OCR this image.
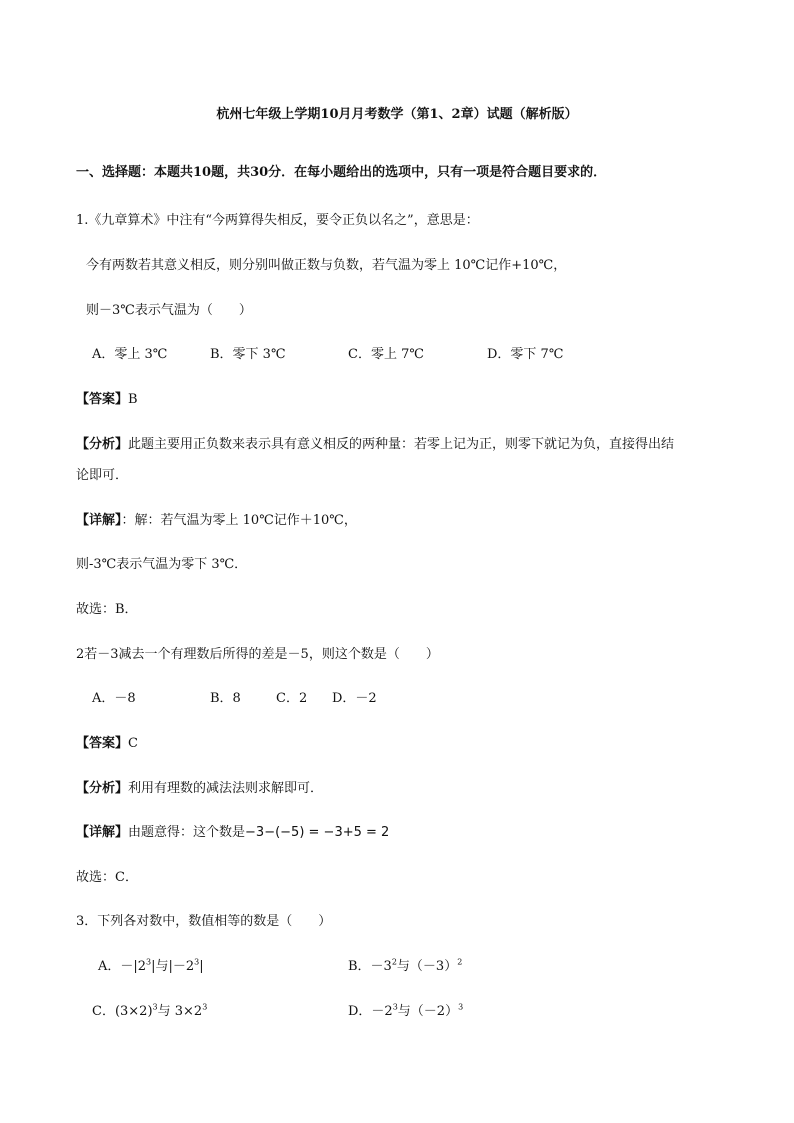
杭州七年级上学期10月月考数学（第1、2章）试题（解析版）
一、选择题：本题共10题，共30分．在每小题给出的选项中，只有一项是符合题目要求的．
1.《九章算术》中注有“今两算得失相反，要令正负以名之”，意思是：
今有两数若其意义相反，则分别叫做正数与负数，若气温为零上 10℃记作+10℃，
则－3℃表示气温为（　　）
A．零上 3℃	B．零下 3℃	C．零上 7℃	D．零下 7℃
【答案】B
【分析】此题主要用正负数来表示具有意义相反的两种量：若零上记为正，则零下就记为负，直接得出结
论即可．
【详解】：解：若气温为零上 10℃记作＋10℃，
则-3℃表示气温为零下 3℃．
故选：B．
2若－3减去一个有理数后所得的差是－5，则这个数是（　　）
A．－8	B．8	C．2 D．－2
【答案】C
【分析】利用有理数的减法法则求解即可．
【详解】由题意得：这个数是−3−(−5) = −3+5 = 2
故选：C．
3．下列各对数中，数值相等的数是（　　）
A．$-|2^3|$与$|-2^3|$	B．$-3^2$与$(-3)^2$
C．$(3\times 2)^3$与 $3\times 2^3$	D．$-2^3$与$(-2)^3$
